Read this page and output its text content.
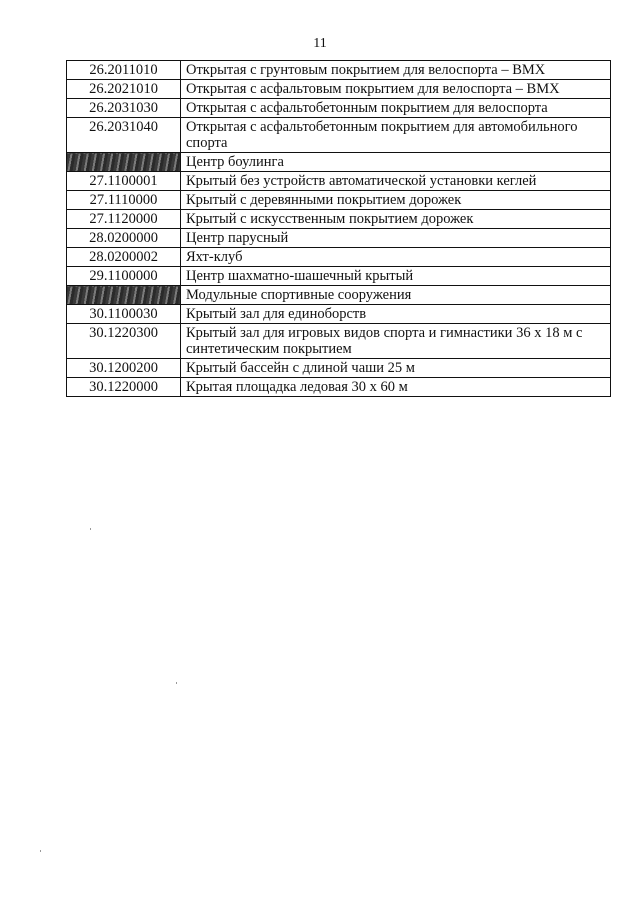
11
26.2011010	Открытая с грунтовым покрытием для велоспорта – BMX
26.2021010	Открытая с асфальтовым покрытием для велоспорта – BMX
26.2031030	Открытая с асфальтобетонным покрытием для велоспорта
26.2031040	Открытая с асфальтобетонным покрытием для автомобильного спорта
	Центр боулинга
27.1100001	Крытый без устройств автоматической установки кеглей
27.1110000	Крытый с деревянными покрытием дорожек
27.1120000	Крытый с искусственным покрытием дорожек
28.0200000	Центр парусный
28.0200002	Яхт-клуб
29.1100000	Центр шахматно-шашечный крытый
	Модульные спортивные сооружения
30.1100030	Крытый зал для единоборств
30.1220300	Крытый зал для игровых видов спорта и гимнастики 36 x 18 м с синтетическим покрытием
30.1200200	Крытый бассейн с длиной чаши 25 м
30.1220000	Крытая площадка ледовая 30 x 60 м
